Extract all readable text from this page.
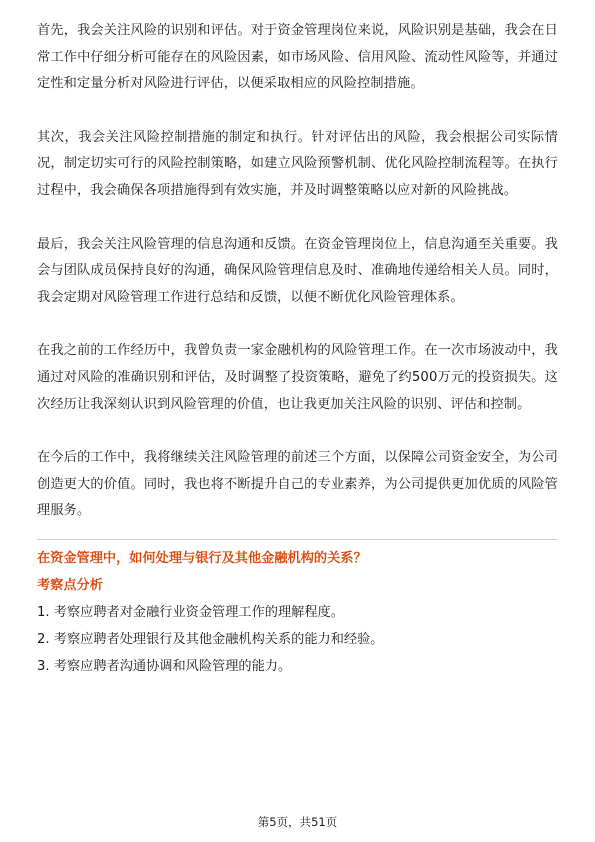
首先，我会关注风险的识别和评估。对于资金管理岗位来说，风险识别是基础，我会在日常工作中仔细分析可能存在的风险因素，如市场风险、信用风险、流动性风险等，并通过定性和定量分析对风险进行评估，以便采取相应的风险控制措施。

其次，我会关注风险控制措施的制定和执行。针对评估出的风险，我会根据公司实际情况，制定切实可行的风险控制策略，如建立风险预警机制、优化风险控制流程等。在执行过程中，我会确保各项措施得到有效实施，并及时调整策略以应对新的风险挑战。

最后，我会关注风险管理的信息沟通和反馈。在资金管理岗位上，信息沟通至关重要。我会与团队成员保持良好的沟通，确保风险管理信息及时、准确地传递给相关人员。同时，我会定期对风险管理工作进行总结和反馈，以便不断优化风险管理体系。

在我之前的工作经历中，我曾负责一家金融机构的风险管理工作。在一次市场波动中，我通过对风险的准确识别和评估，及时调整了投资策略，避免了约500万元的投资损失。这次经历让我深刻认识到风险管理的价值，也让我更加关注风险的识别、评估和控制。

在今后的工作中，我将继续关注风险管理的前述三个方面，以保障公司资金安全，为公司创造更大的价值。同时，我也将不断提升自己的专业素养，为公司提供更加优质的风险管理服务。

在资金管理中，如何处理与银行及其他金融机构的关系？

考察点分析

1. 考察应聘者对金融行业资金管理工作的理解程度。
2. 考察应聘者处理银行及其他金融机构关系的能力和经验。
3. 考察应聘者沟通协调和风险管理的能力。
第5页，共51页
